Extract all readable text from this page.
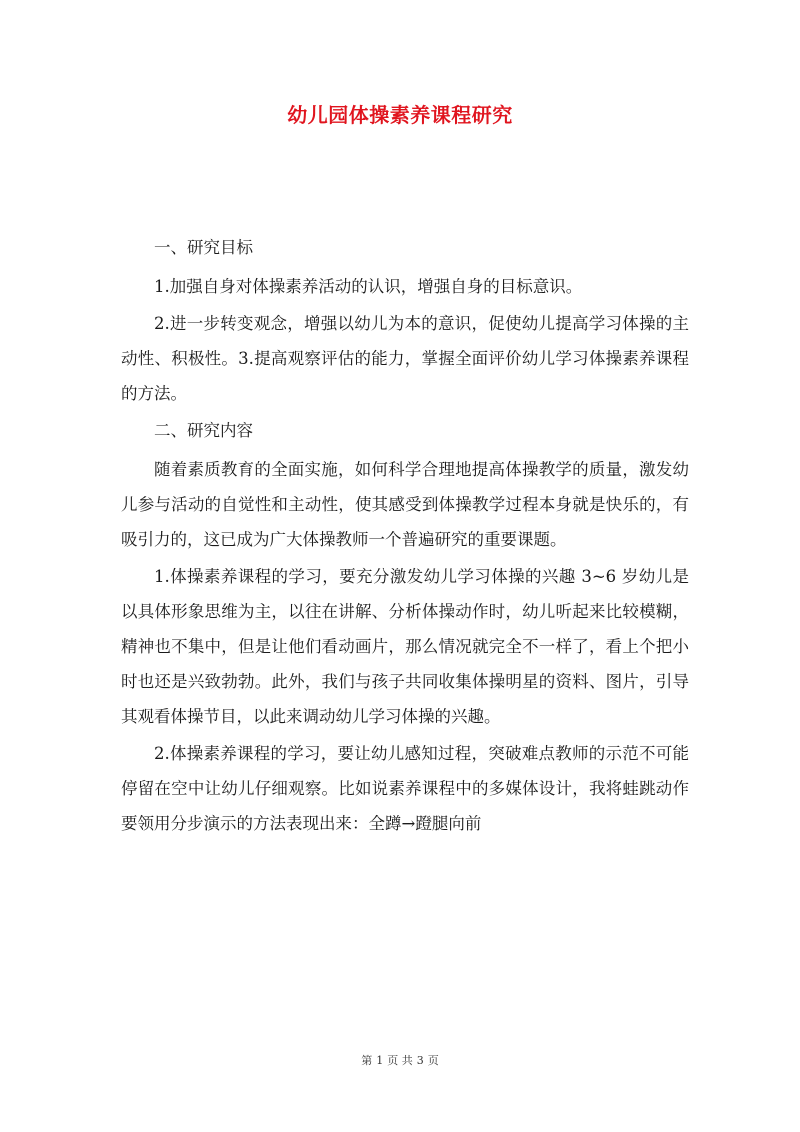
幼儿园体操素养课程研究

一、研究目标

1.加强自身对体操素养活动的认识，增强自身的目标意识。

2.进一步转变观念，增强以幼儿为本的意识，促使幼儿提高学习体操的主动性、积极性。3.提高观察评估的能力，掌握全面评价幼儿学习体操素养课程的方法。

二、研究内容

随着素质教育的全面实施，如何科学合理地提高体操教学的质量，激发幼儿参与活动的自觉性和主动性，使其感受到体操教学过程本身就是快乐的，有吸引力的，这已成为广大体操教师一个普遍研究的重要课题。

1.体操素养课程的学习，要充分激发幼儿学习体操的兴趣 3~6 岁幼儿是以具体形象思维为主，以往在讲解、分析体操动作时，幼儿听起来比较模糊，精神也不集中，但是让他们看动画片，那么情况就完全不一样了，看上个把小时也还是兴致勃勃。此外，我们与孩子共同收集体操明星的资料、图片，引导其观看体操节目，以此来调动幼儿学习体操的兴趣。

2.体操素养课程的学习，要让幼儿感知过程，突破难点教师的示范不可能停留在空中让幼儿仔细观察。比如说素养课程中的多媒体设计，我将蛙跳动作要领用分步演示的方法表现出来：全蹲→蹬腿向前

第 1 页 共 3 页
